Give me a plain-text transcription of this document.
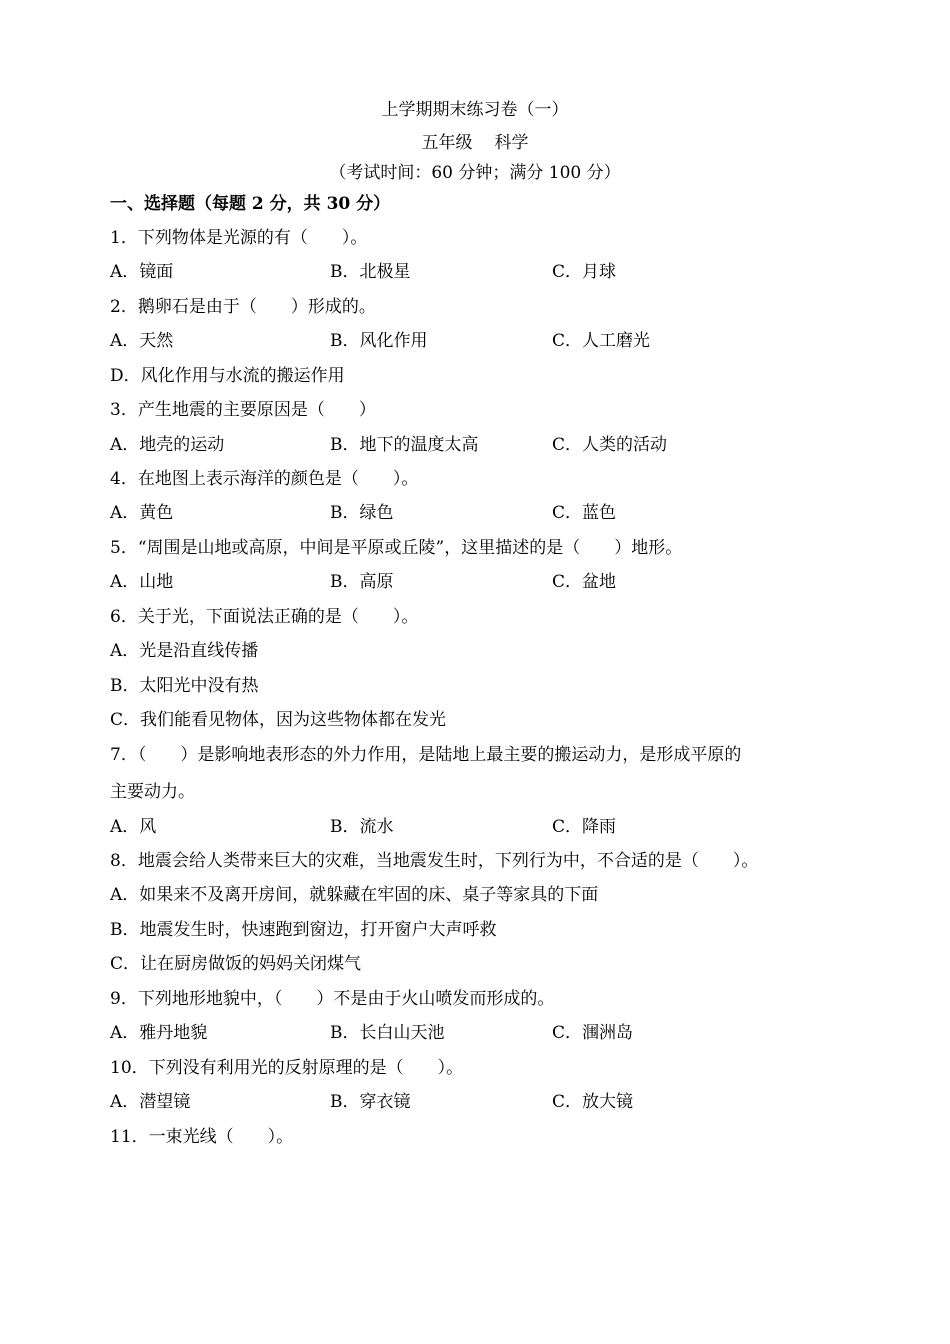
上学期期末练习卷（一）
五年级 科学
（考试时间：60 分钟；满分 100 分）
一、选择题（每题 2 分，共 30 分）
1．下列物体是光源的有（　　）。
A．镜面	B．北极星	C．月球
2．鹅卵石是由于（　　）形成的。
A．天然	B．风化作用	C．人工磨光
D．风化作用与水流的搬运作用
3．产生地震的主要原因是（　　）
A．地壳的运动	B．地下的温度太高	C．人类的活动
4．在地图上表示海洋的颜色是（　　）。
A．黄色	B．绿色	C．蓝色
5．“周围是山地或高原，中间是平原或丘陵”，这里描述的是（　　）地形。
A．山地	B．高原	C．盆地
6．关于光，下面说法正确的是（　　）。
A．光是沿直线传播
B．太阳光中没有热
C．我们能看见物体，因为这些物体都在发光
7．（　　）是影响地表形态的外力作用，是陆地上最主要的搬运动力，是形成平原的
主要动力。
A．风	B．流水	C．降雨
8．地震会给人类带来巨大的灾难，当地震发生时，下列行为中，不合适的是（　　）。
A．如果来不及离开房间，就躲藏在牢固的床、桌子等家具的下面
B．地震发生时，快速跑到窗边，打开窗户大声呼救
C．让在厨房做饭的妈妈关闭煤气
9．下列地形地貌中，（　　）不是由于火山喷发而形成的。
A．雅丹地貌	B．长白山天池	C．涠洲岛
10．下列没有利用光的反射原理的是（　　）。
A．潜望镜	B．穿衣镜	C．放大镜
11．一束光线（　　）。
